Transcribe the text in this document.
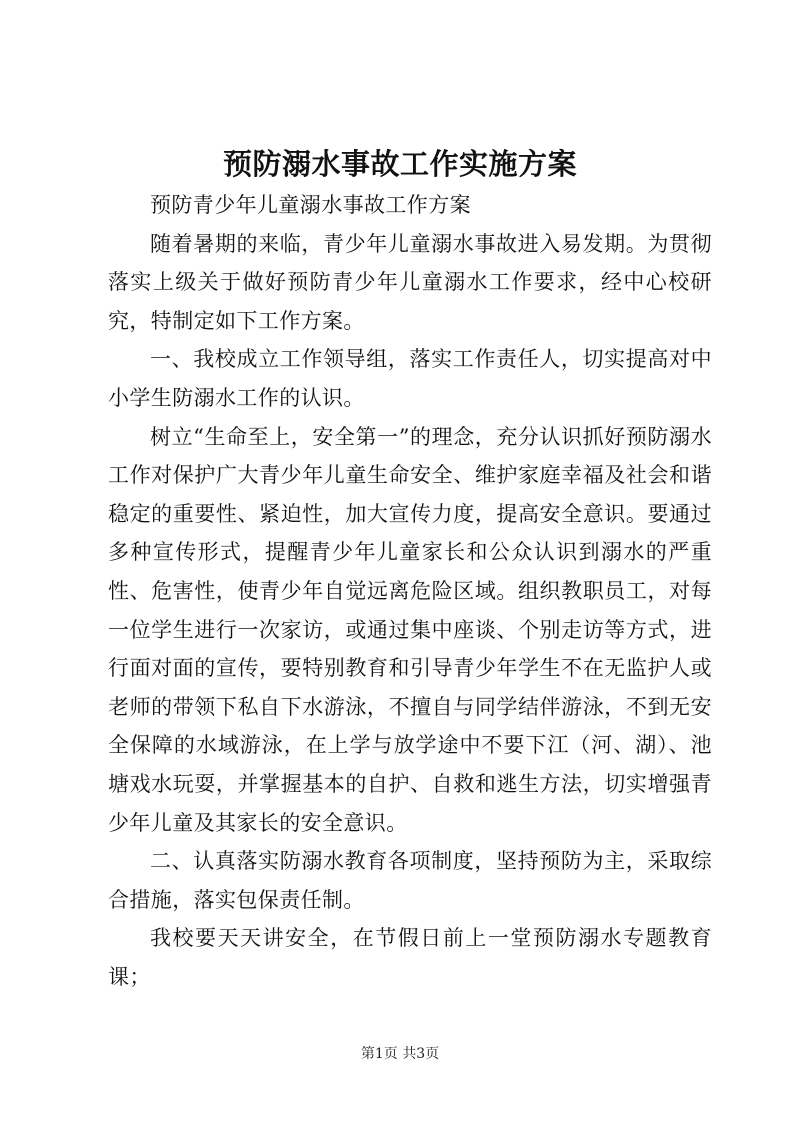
预防溺水事故工作实施方案

预防青少年儿童溺水事故工作方案

随着暑期的来临，青少年儿童溺水事故进入易发期。为贯彻落实上级关于做好预防青少年儿童溺水工作要求，经中心校研究，特制定如下工作方案。

一、我校成立工作领导组，落实工作责任人，切实提高对中小学生防溺水工作的认识。

树立“生命至上，安全第一”的理念，充分认识抓好预防溺水工作对保护广大青少年儿童生命安全、维护家庭幸福及社会和谐稳定的重要性、紧迫性，加大宣传力度，提高安全意识。要通过多种宣传形式，提醒青少年儿童家长和公众认识到溺水的严重性、危害性，使青少年自觉远离危险区域。组织教职员工，对每一位学生进行一次家访，或通过集中座谈、个别走访等方式，进行面对面的宣传，要特别教育和引导青少年学生不在无监护人或老师的带领下私自下水游泳，不擅自与同学结伴游泳，不到无安全保障的水域游泳，在上学与放学途中不要下江（河、湖）、池塘戏水玩耍，并掌握基本的自护、自救和逃生方法，切实增强青少年儿童及其家长的安全意识。

二、认真落实防溺水教育各项制度，坚持预防为主，采取综合措施，落实包保责任制。

我校要天天讲安全，在节假日前上一堂预防溺水专题教育课；

第1页 共3页
